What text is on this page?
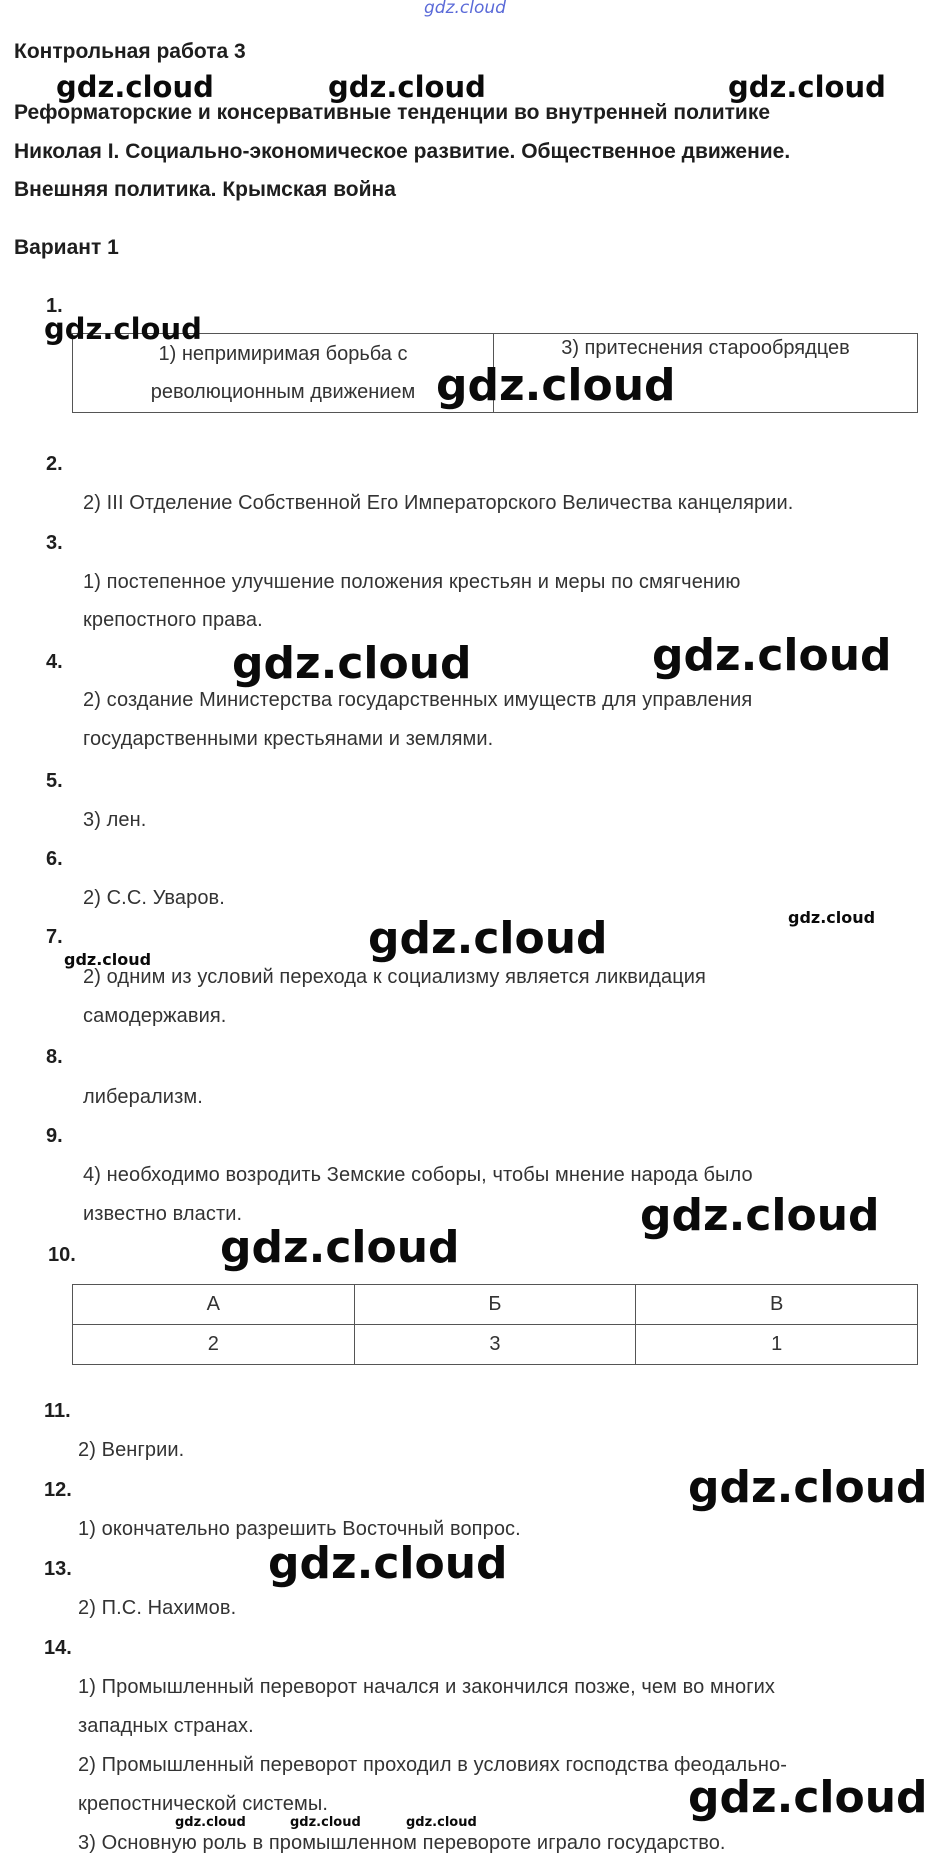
gdz.cloud
Контрольная работа 3
Реформаторские и консервативные тенденции во внутренней политике
Николая I. Социально-экономическое развитие. Общественное движение.
Внешняя политика. Крымская война
Вариант 1
1.
1) непримиримая борьба с
революционным движением
	3) притеснения старообрядцев
2.
2) III Отделение Собственной Его Императорского Величества канцелярии.
3.
1) постепенное улучшение положения крестьян и меры по смягчению
крепостного права.
4.
2) создание Министерства государственных имуществ для управления
государственными крестьянами и землями.
5.
3) лен.
6.
2) С.С. Уваров.
7.
2) одним из условий перехода к социализму является ликвидация
самодержавия.
8.
либерализм.
9.
4) необходимо возродить Земские соборы, чтобы мнение народа было
известно власти.
10.
А	Б	В
2	3	1
11.
2) Венгрии.
12.
1) окончательно разрешить Восточный вопрос.
13.
2) П.С. Нахимов.
14.
1) Промышленный переворот начался и закончился позже, чем во многих
западных странах.
2) Промышленный переворот проходил в условиях господства феодально-
крепостнической системы.
3) Основную роль в промышленном перевороте играло государство.
gdz.cloud	gdz.cloud	gdz.cloud
gdz.cloud
gdz.cloud
gdz.cloud	gdz.cloud
gdz.cloud
gdz.cloud	gdz.cloud
gdz.cloud
gdz.cloud
gdz.cloud
gdz.cloud
gdz.cloud
gdz.cloud	gdz.cloud	gdz.cloud
